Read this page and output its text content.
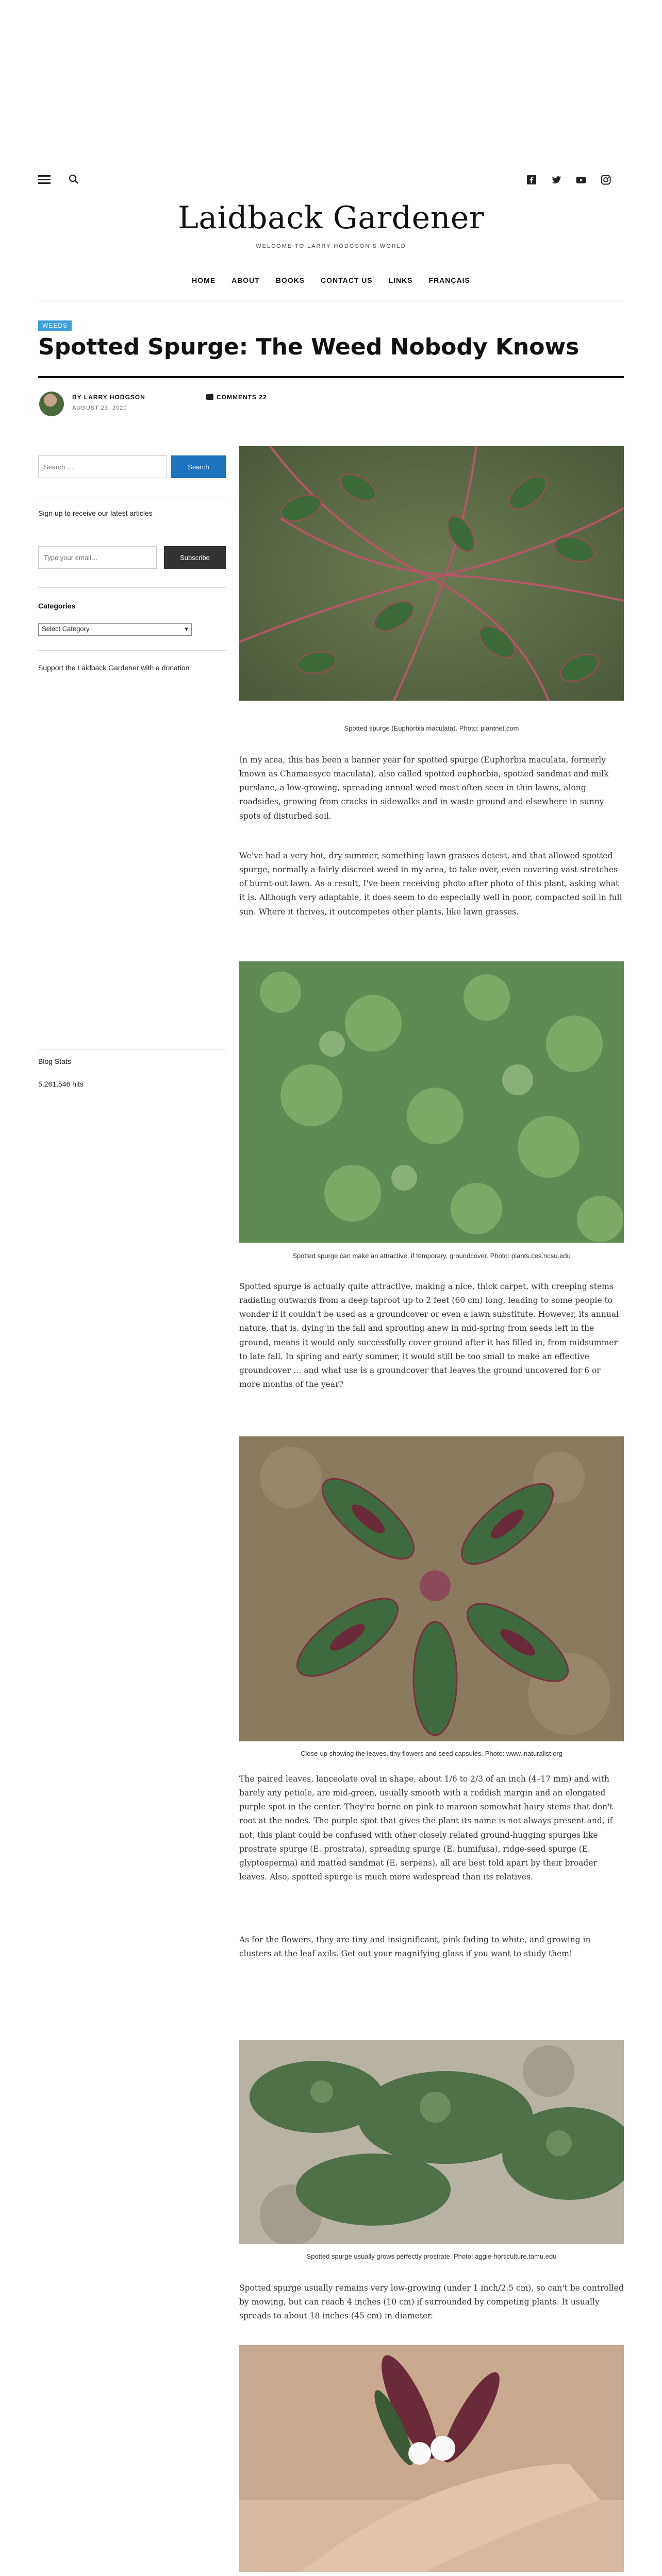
Laidback Gardener
WELCOME TO LARRY HODGSON'S WORLD
HOME ABOUT BOOKS CONTACT US LINKS FRANÇAIS
WEEDS
Spotted Spurge: The Weed Nobody Knows
BY LARRY HODGSON
AUGUST 23, 2020
COMMENTS 22
Search …
Search
Sign up to receive our latest articles
Type your email…
Subscribe
Categories
Select Category	▾
Support the Laidback Gardener with a donation
Blog Stats
5,261,546 hits
Spotted spurge (Euphorbia maculata). Photo: plantnet.com

In my area, this has been a banner year for spotted spurge (Euphorbia maculata, formerly known as Chamaesyce maculata), also called spotted euphorbia, spotted sandmat and milk purslane, a low-growing, spreading annual weed most often seen in thin lawns, along roadsides, growing from cracks in sidewalks and in waste ground and elsewhere in sunny spots of disturbed soil.

We've had a very hot, dry summer, something lawn grasses detest, and that allowed spotted spurge, normally a fairly discreet weed in my area, to take over, even covering vast stretches of burnt-out lawn. As a result, I've been receiving photo after photo of this plant, asking what it is. Although very adaptable, it does seem to do especially well in poor, compacted soil in full sun. Where it thrives, it outcompetes other plants, like lawn grasses.

Spotted spurge can make an attractive, if temporary, groundcover. Photo: plants.ces.ncsu.edu

Spotted spurge is actually quite attractive, making a nice, thick carpet, with creeping stems radiating outwards from a deep taproot up to 2 feet (60 cm) long, leading to some people to wonder if it couldn't be used as a groundcover or even a lawn substitute. However, its annual nature, that is, dying in the fall and sprouting anew in mid-spring from seeds left in the ground, means it would only successfully cover ground after it has filled in, from midsummer to late fall. In spring and early summer, it would still be too small to make an effective groundcover … and what use is a groundcover that leaves the ground uncovered for 6 or more months of the year?

Close-up showing the leaves, tiny flowers and seed capsules. Photo: www.inaturalist.org

The paired leaves, lanceolate oval in shape, about 1/6 to 2/3 of an inch (4–17 mm) and with barely any petiole, are mid-green, usually smooth with a reddish margin and an elongated purple spot in the center. They're borne on pink to maroon somewhat hairy stems that don't root at the nodes. The purple spot that gives the plant its name is not always present and, if not, this plant could be confused with other closely related ground-hugging spurges like prostrate spurge (E. prostrata), spreading spurge (E. humifusa), ridge-seed spurge (E. glyptosperma) and matted sandmat (E. serpens), all are best told apart by their broader leaves. Also, spotted spurge is much more widespread than its relatives.

As for the flowers, they are tiny and insignificant, pink fading to white, and growing in clusters at the leaf axils. Get out your magnifying glass if you want to study them!

Spotted spurge usually grows perfectly prostrate. Photo: aggie-horticulture.tamu.edu

Spotted spurge usually remains very low-growing (under 1 inch/2.5 cm), so can't be controlled by mowing, but can reach 4 inches (10 cm) if surrounded by competing plants. It usually spreads to about 18 inches (45 cm) in diameter.
